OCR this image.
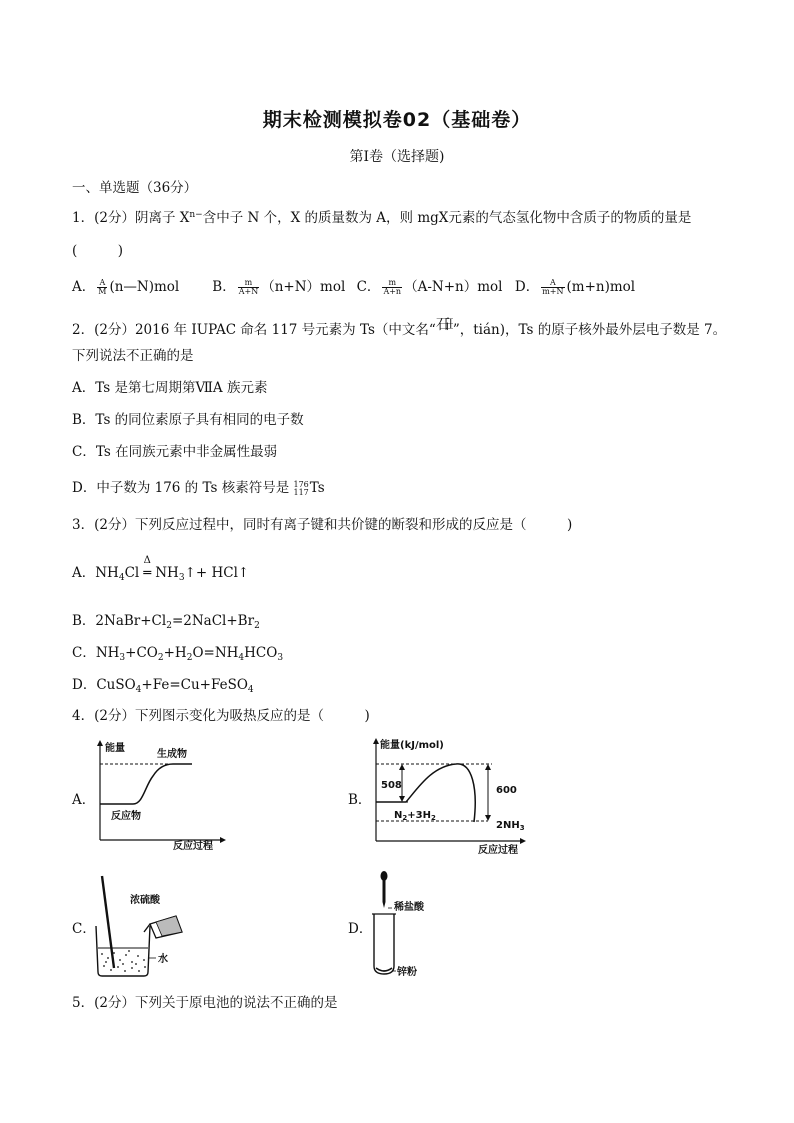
期末检测模拟卷02（基础卷）
第Ⅰ卷（选择题)
一、单选题（36分）
1．(2分）阴离子 $X^{n-}$含中子 N 个，X 的质量数为 A，则 mgX元素的气态氢化物中含质子的物质的量是
(　　　)
A． $\frac{A}{M}$ (n—N)mol B． $\frac{m}{A+N} (n+N)mol$ C． $\frac{m}{A+n} (A-N+n)mol$ D． $\frac{A}{m+N} (m+n)mol$
2．(2分）2016 年 IUPAC 命名 117 号元素为 Ts（中文名“石田”，tián)，Ts 的原子核外最外层电子数是 7。
下列说法不正确的是
A．Ts 是第七周期第ⅦA 族元素
B．Ts 的同位素原子具有相同的电子数
C．Ts 在同族元素中非金属性最弱
D．中子数为 176 的 Ts 核素符号是 176
117 Ts
3．(2分）下列反应过程中，同时有离子键和共价键的断裂和形成的反应是（　　　)
A．$NH_4Cl$
Δ
═ $NH_3↑+$ HCl↑
B．$2NaBr+Cl_2=2NaCl+Br_2$
C．$NH_3+CO_2+H_2O=NH_4HCO_3$
D．CuSO$_4$+Fe=Cu+FeSO$_4$
4．(2分）下列图示变化为吸热反应的是（　　　)
A．
能量
生成物
反应物
反应过程
B．
能量(kJ/mol)
508	600
$N_2+3H_2$
$2NH_3$
反应过程
C．
浓硫酸
水
D．
稀盐酸
锌粉
5．(2分）下列关于原电池的说法不正确的是
